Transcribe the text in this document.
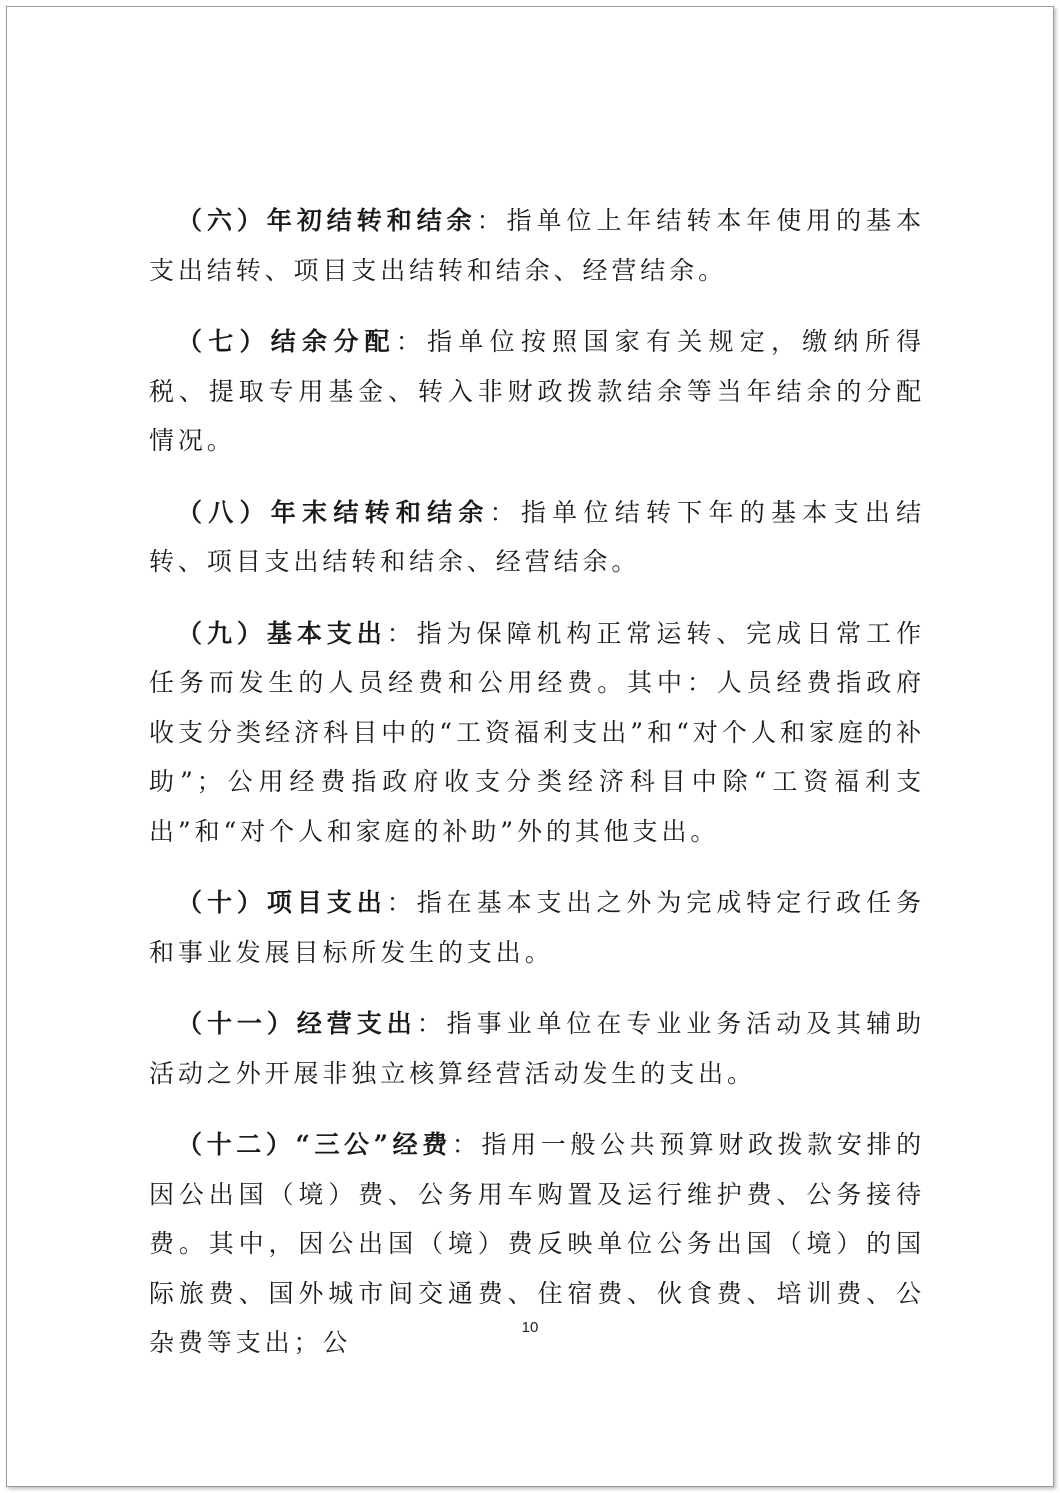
（六）年初结转和结余：指单位上年结转本年使用的基本支出结转、项目支出结转和结余、经营结余。

（七）结余分配：指单位按照国家有关规定，缴纳所得税、提取专用基金、转入非财政拨款结余等当年结余的分配情况。

（八）年末结转和结余：指单位结转下年的基本支出结转、项目支出结转和结余、经营结余。

（九）基本支出：指为保障机构正常运转、完成日常工作任务而发生的人员经费和公用经费。其中：人员经费指政府收支分类经济科目中的“工资福利支出”和“对个人和家庭的补助”；公用经费指政府收支分类经济科目中除“工资福利支出”和“对个人和家庭的补助”外的其他支出。

（十）项目支出：指在基本支出之外为完成特定行政任务和事业发展目标所发生的支出。

（十一）经营支出：指事业单位在专业业务活动及其辅助活动之外开展非独立核算经营活动发生的支出。

（十二）“三公”经费：指用一般公共预算财政拨款安排的因公出国（境）费、公务用车购置及运行维护费、公务接待费。其中，因公出国（境）费反映单位公务出国（境）的国际旅费、国外城市间交通费、住宿费、伙食费、培训费、公杂费等支出；公

10
